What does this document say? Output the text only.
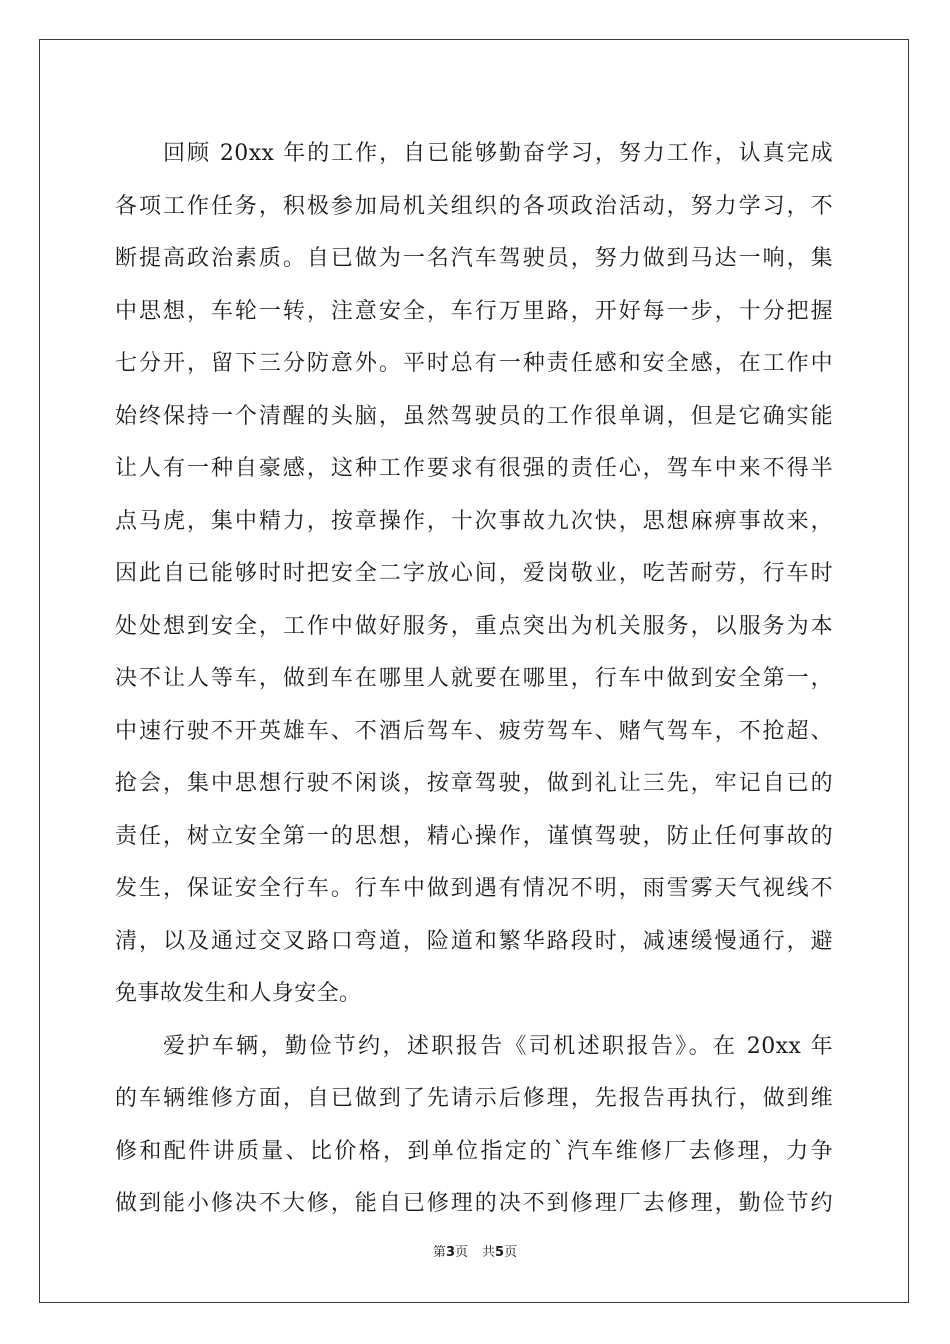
回顾 20xx 年的工作，自已能够勤奋学习，努力工作，认真完成
各项工作任务，积极参加局机关组织的各项政治活动，努力学习，不
断提高政治素质。自已做为一名汽车驾驶员，努力做到马达一响，集
中思想，车轮一转，注意安全，车行万里路，开好每一步，十分把握
七分开，留下三分防意外。平时总有一种责任感和安全感，在工作中
始终保持一个清醒的头脑，虽然驾驶员的工作很单调，但是它确实能
让人有一种自豪感，这种工作要求有很强的责任心，驾车中来不得半
点马虎，集中精力，按章操作，十次事故九次快，思想麻痹事故来，
因此自已能够时时把安全二字放心间，爱岗敬业，吃苦耐劳，行车时
处处想到安全，工作中做好服务，重点突出为机关服务，以服务为本
决不让人等车，做到车在哪里人就要在哪里，行车中做到安全第一，
中速行驶不开英雄车、不酒后驾车、疲劳驾车、赌气驾车，不抢超、
抢会，集中思想行驶不闲谈，按章驾驶，做到礼让三先，牢记自已的
责任，树立安全第一的思想，精心操作，谨慎驾驶，防止任何事故的
发生，保证安全行车。行车中做到遇有情况不明，雨雪雾天气视线不
清，以及通过交叉路口弯道，险道和繁华路段时，减速缓慢通行，避
免事故发生和人身安全。
爱护车辆，勤俭节约，述职报告《司机述职报告》。在 20xx 年
的车辆维修方面，自已做到了先请示后修理，先报告再执行，做到维
修和配件讲质量、比价格，到单位指定的`汽车维修厂去修理，力争
做到能小修决不大修，能自已修理的决不到修理厂去修理，勤俭节约
第3页 共5页
